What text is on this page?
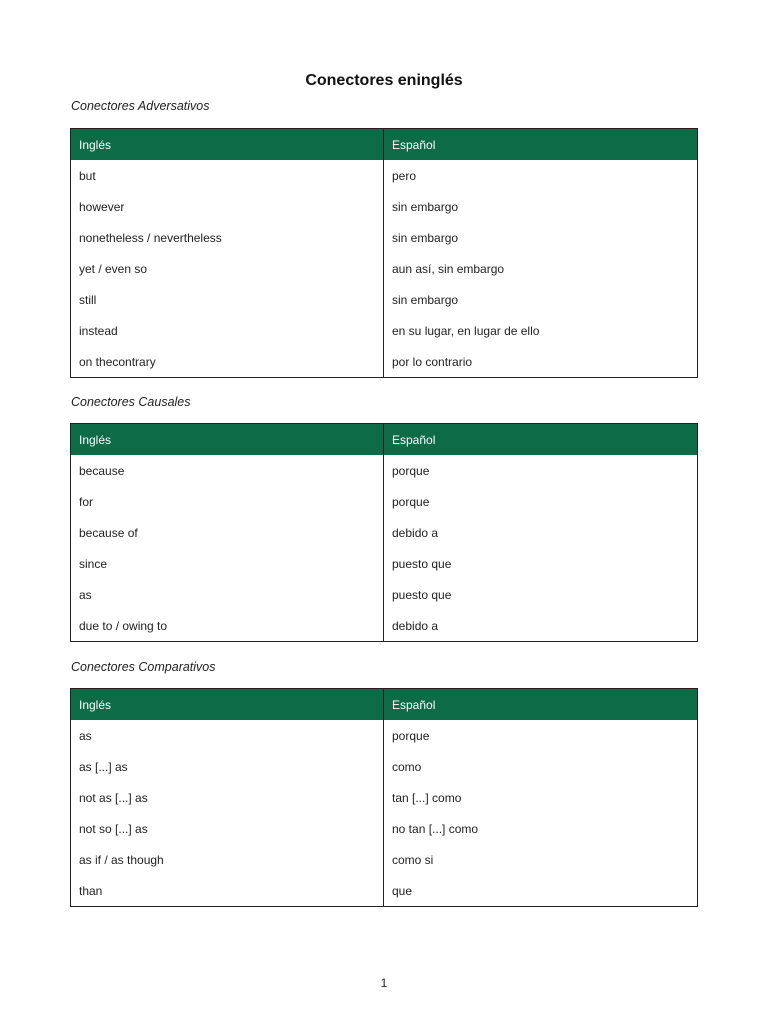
Conectores eninglés
Conectores Adversativos
Inglés	Español
but	pero
however	sin embargo
nonetheless / nevertheless	sin embargo
yet / even so	aun así, sin embargo
still	sin embargo
instead	en su lugar, en lugar de ello
on thecontrary	por lo contrario
Conectores Causales
Inglés	Español
because	porque
for	porque
because of	debido a
since	puesto que
as	puesto que
due to / owing to	debido a
Conectores Comparativos
Inglés	Español
as	porque
as [...] as	como
not as [...] as	tan [...] como
not so [...] as	no tan [...] como
as if / as though	como si
than	que
1
